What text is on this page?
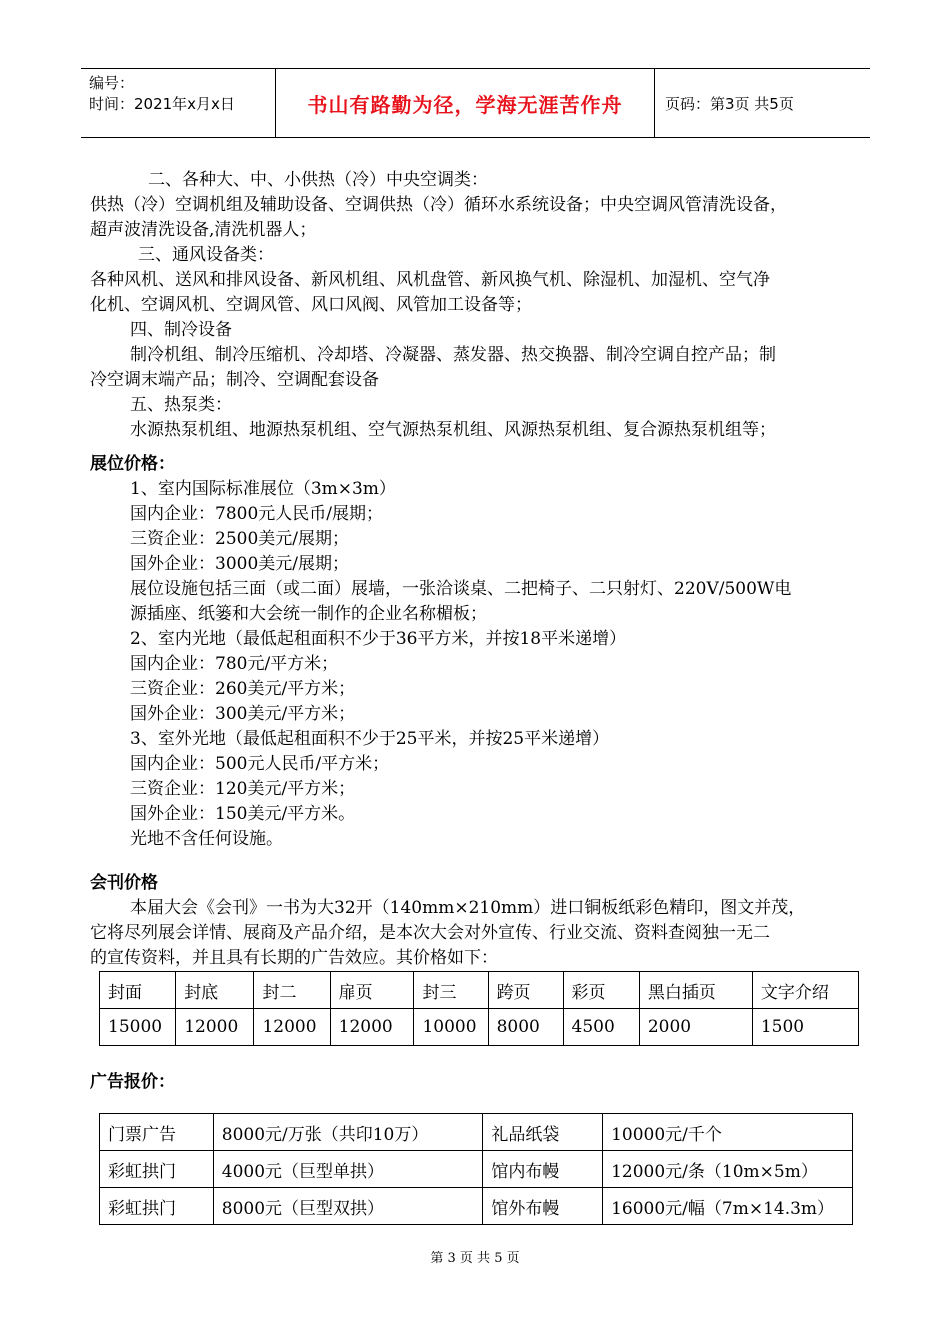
编号：
时间：2021年x月x日	书山有路勤为径，学海无涯苦作舟	页码：第3页 共5页
二、各种大、中、小供热（冷）中央空调类：
供热（冷）空调机组及辅助设备、空调供热（冷）循环水系统设备；中央空调风管清洗设备，
超声波清洗设备,清洗机器人；
三、通风设备类：
各种风机、送风和排风设备、新风机组、风机盘管、新风换气机、除湿机、加湿机、空气净
化机、空调风机、空调风管、风口风阀、风管加工设备等；
四、制冷设备
制冷机组、制冷压缩机、冷却塔、冷凝器、蒸发器、热交换器、制冷空调自控产品；制
冷空调末端产品；制冷、空调配套设备
五、热泵类：
水源热泵机组、地源热泵机组、空气源热泵机组、风源热泵机组、复合源热泵机组等；
展位价格：
1、室内国际标准展位（3m×3m）
国内企业：7800元人民币/展期；
三资企业：2500美元/展期；
国外企业：3000美元/展期；
展位设施包括三面（或二面）展墙，一张洽谈桌、二把椅子、二只射灯、220V/500W电
源插座、纸篓和大会统一制作的企业名称楣板；
2、室内光地（最低起租面积不少于36平方米，并按18平米递增）
国内企业：780元/平方米；
三资企业：260美元/平方米；
国外企业：300美元/平方米；
3、室外光地（最低起租面积不少于25平米，并按25平米递增）
国内企业：500元人民币/平方米；
三资企业：120美元/平方米；
国外企业：150美元/平方米。
光地不含任何设施。
会刊价格
本届大会《会刊》一书为大32开（140mm×210mm）进口铜板纸彩色精印，图文并茂，
它将尽列展会详情、展商及产品介绍，是本次大会对外宣传、行业交流、资料查阅独一无二
的宣传资料，并且具有长期的广告效应。其价格如下：
封面	封底	封二	扉页	封三	跨页	彩页	黑白插页	文字介绍
15000	12000	12000	12000	10000	8000	4500	2000	1500
广告报价：
门票广告	8000元/万张（共印10万）	礼品纸袋	10000元/千个
彩虹拱门	4000元（巨型单拱）	馆内布幔	12000元/条（10m×5m）
彩虹拱门	8000元（巨型双拱）	馆外布幔	16000元/幅（7m×14.3m）
第 3 页 共 5 页
